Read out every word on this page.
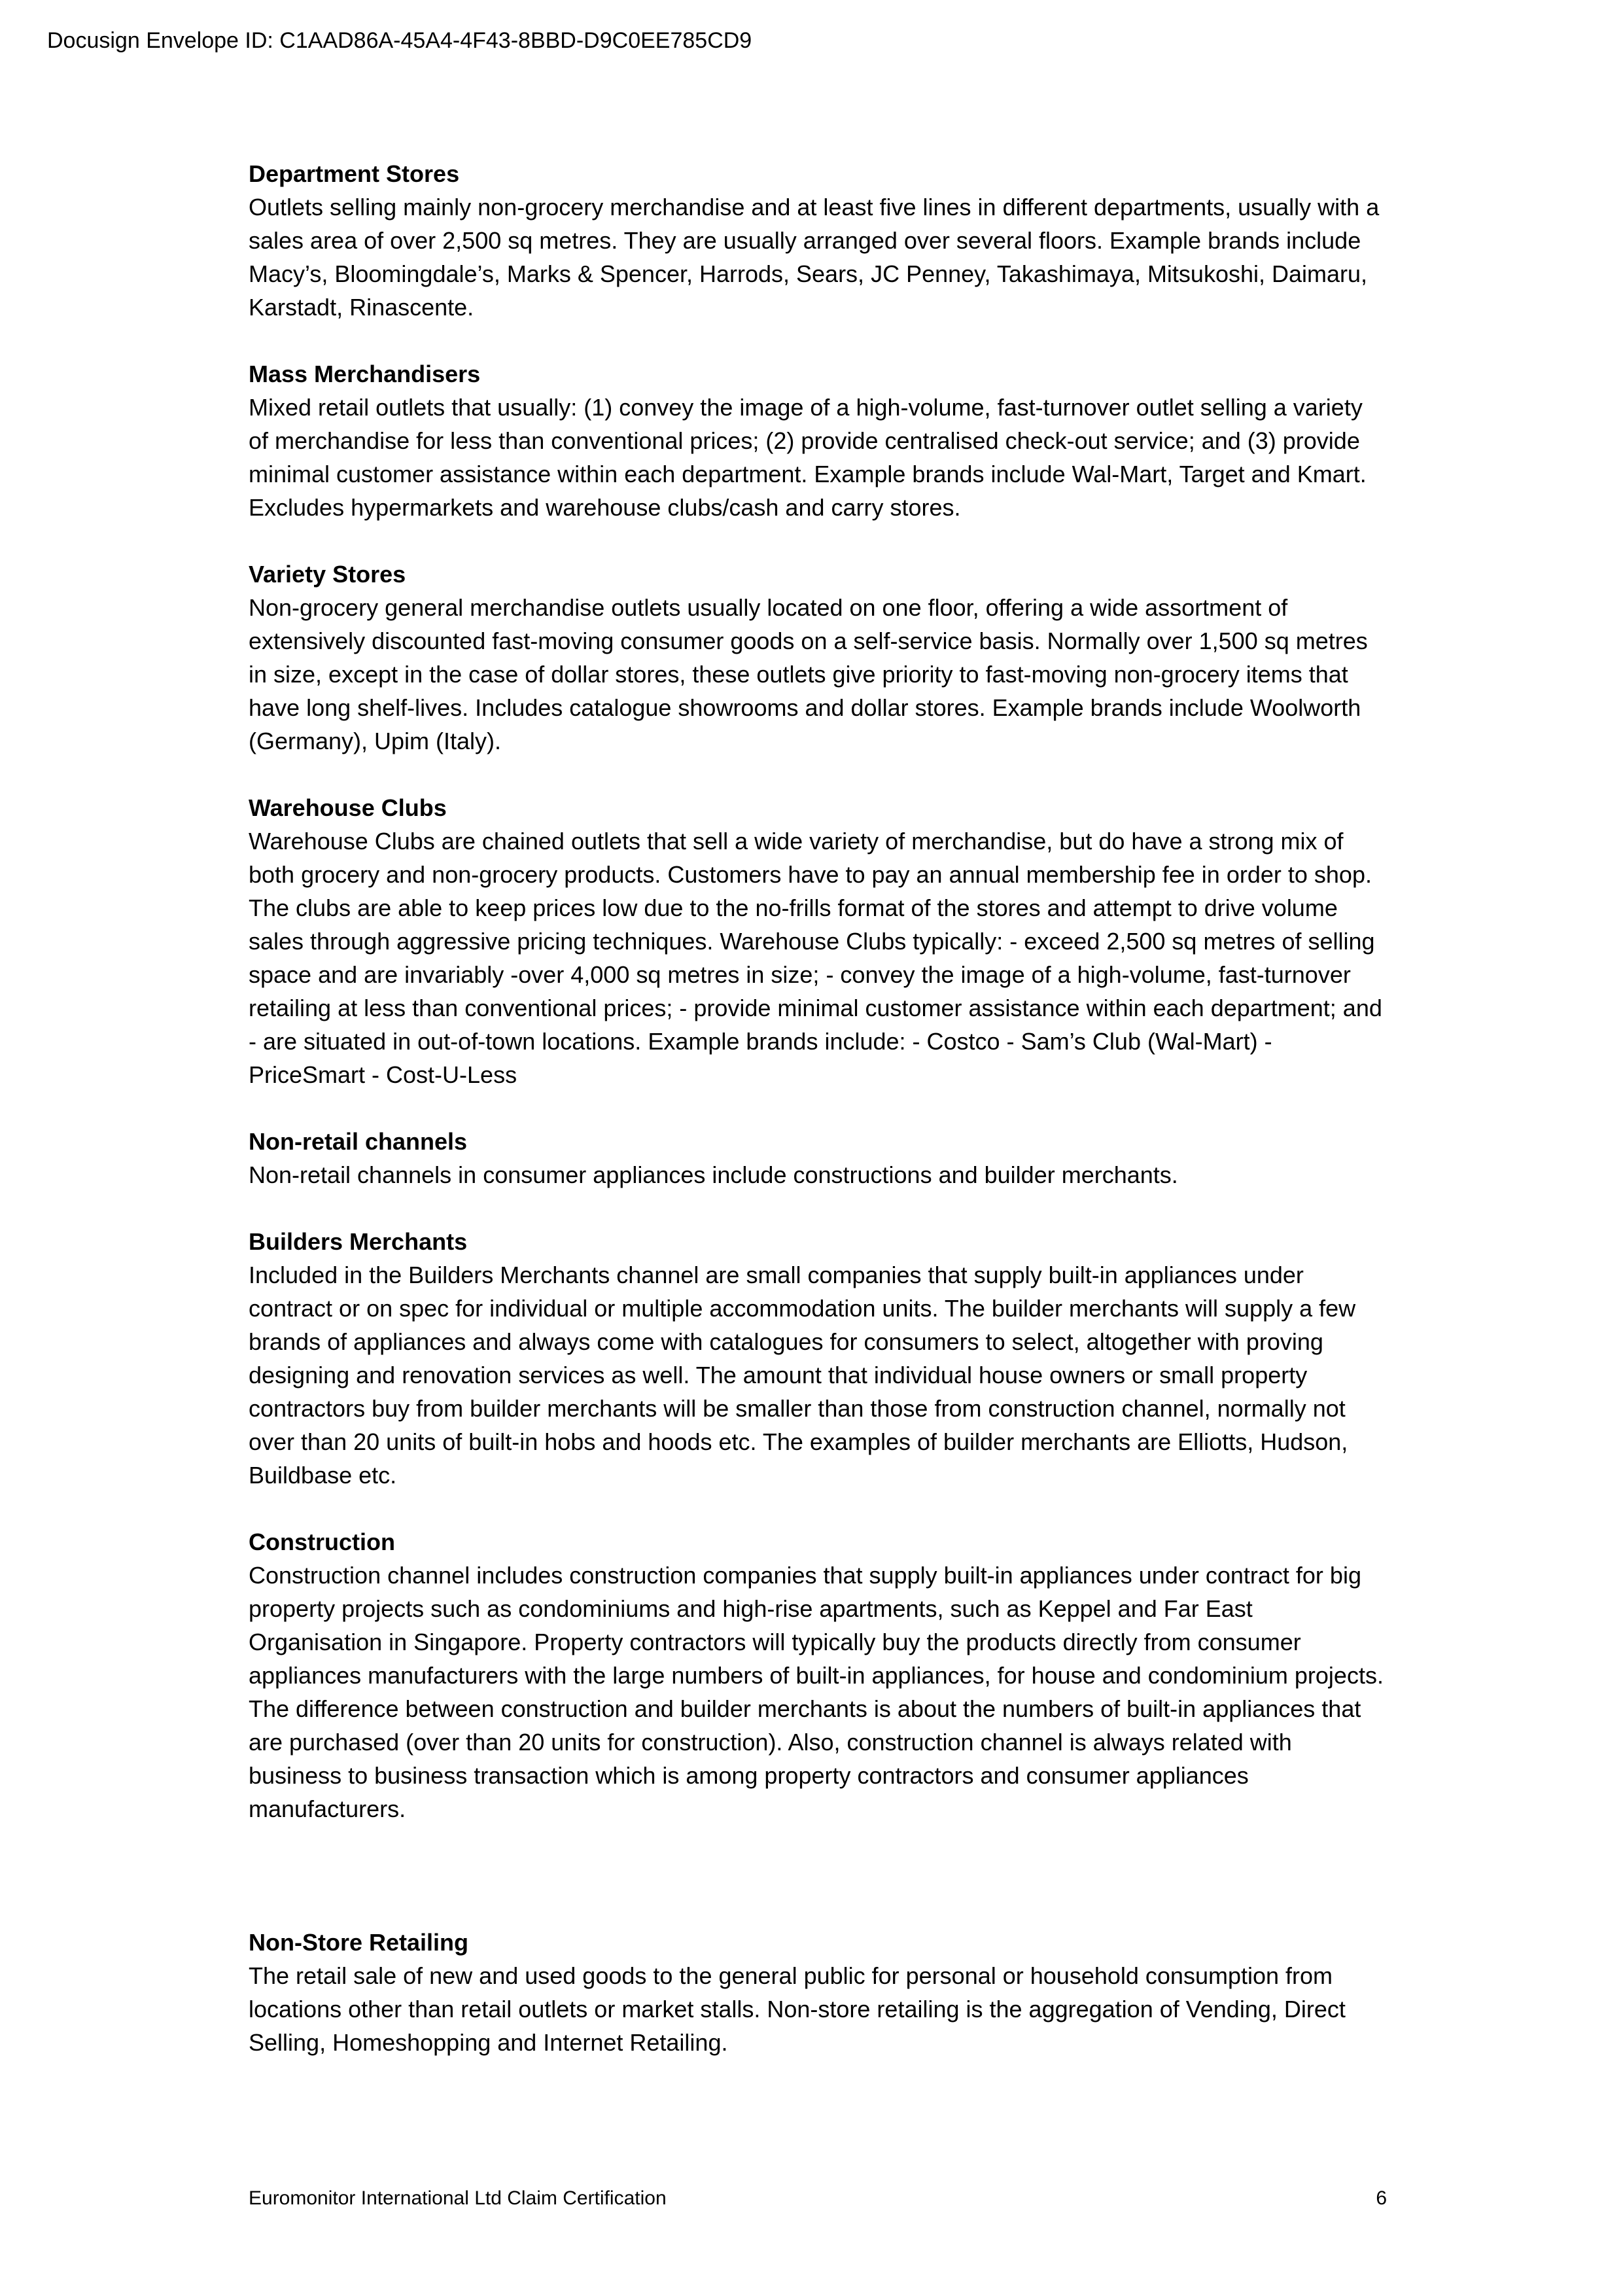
Docusign Envelope ID: C1AAD86A-45A4-4F43-8BBD-D9C0EE785CD9
Department Stores
Outlets selling mainly non-grocery merchandise and at least five lines in different departments, usually with a sales area of over 2,500 sq metres. They are usually arranged over several floors. Example brands include Macy’s, Bloomingdale’s, Marks & Spencer, Harrods, Sears, JC Penney, Takashimaya, Mitsukoshi, Daimaru, Karstadt, Rinascente.
Mass Merchandisers
Mixed retail outlets that usually: (1) convey the image of a high-volume, fast-turnover outlet selling a variety of merchandise for less than conventional prices; (2) provide centralised check-out service; and (3) provide minimal customer assistance within each department. Example brands include Wal-Mart, Target and Kmart. Excludes hypermarkets and warehouse clubs/cash and carry stores.
Variety Stores
Non-grocery general merchandise outlets usually located on one floor, offering a wide assortment of extensively discounted fast-moving consumer goods on a self-service basis. Normally over 1,500 sq metres in size, except in the case of dollar stores, these outlets give priority to fast-moving non-grocery items that have long shelf-lives. Includes catalogue showrooms and dollar stores. Example brands include Woolworth (Germany), Upim (Italy).
Warehouse Clubs
Warehouse Clubs are chained outlets that sell a wide variety of merchandise, but do have a strong mix of both grocery and non-grocery products. Customers have to pay an annual membership fee in order to shop. The clubs are able to keep prices low due to the no-frills format of the stores and attempt to drive volume sales through aggressive pricing techniques. Warehouse Clubs typically: - exceed 2,500 sq metres of selling space and are invariably -over 4,000 sq metres in size; - convey the image of a high-volume, fast-turnover retailing at less than conventional prices; - provide minimal customer assistance within each department; and - are situated in out-of-town locations. Example brands include: - Costco - Sam’s Club (Wal-Mart) - PriceSmart - Cost-U-Less
Non-retail channels
Non-retail channels in consumer appliances include constructions and builder merchants.
Builders Merchants
Included in the Builders Merchants channel are small companies that supply built-in appliances under contract or on spec for individual or multiple accommodation units. The builder merchants will supply a few brands of appliances and always come with catalogues for consumers to select, altogether with proving designing and renovation services as well. The amount that individual house owners or small property contractors buy from builder merchants will be smaller than those from construction channel, normally not over than 20 units of built-in hobs and hoods etc. The examples of builder merchants are Elliotts, Hudson, Buildbase etc.
Construction
Construction channel includes construction companies that supply built-in appliances under contract for big property projects such as condominiums and high-rise apartments, such as Keppel and Far East Organisation in Singapore. Property contractors will typically buy the products directly from consumer appliances manufacturers with the large numbers of built-in appliances, for house and condominium projects. The difference between construction and builder merchants is about the numbers of built-in appliances that are purchased (over than 20 units for construction). Also, construction channel is always related with business to business transaction which is among property contractors and consumer appliances manufacturers.
Non-Store Retailing
The retail sale of new and used goods to the general public for personal or household consumption from locations other than retail outlets or market stalls. Non-store retailing is the aggregation of Vending, Direct Selling, Homeshopping and Internet Retailing.
Euromonitor International Ltd Claim Certification	6
